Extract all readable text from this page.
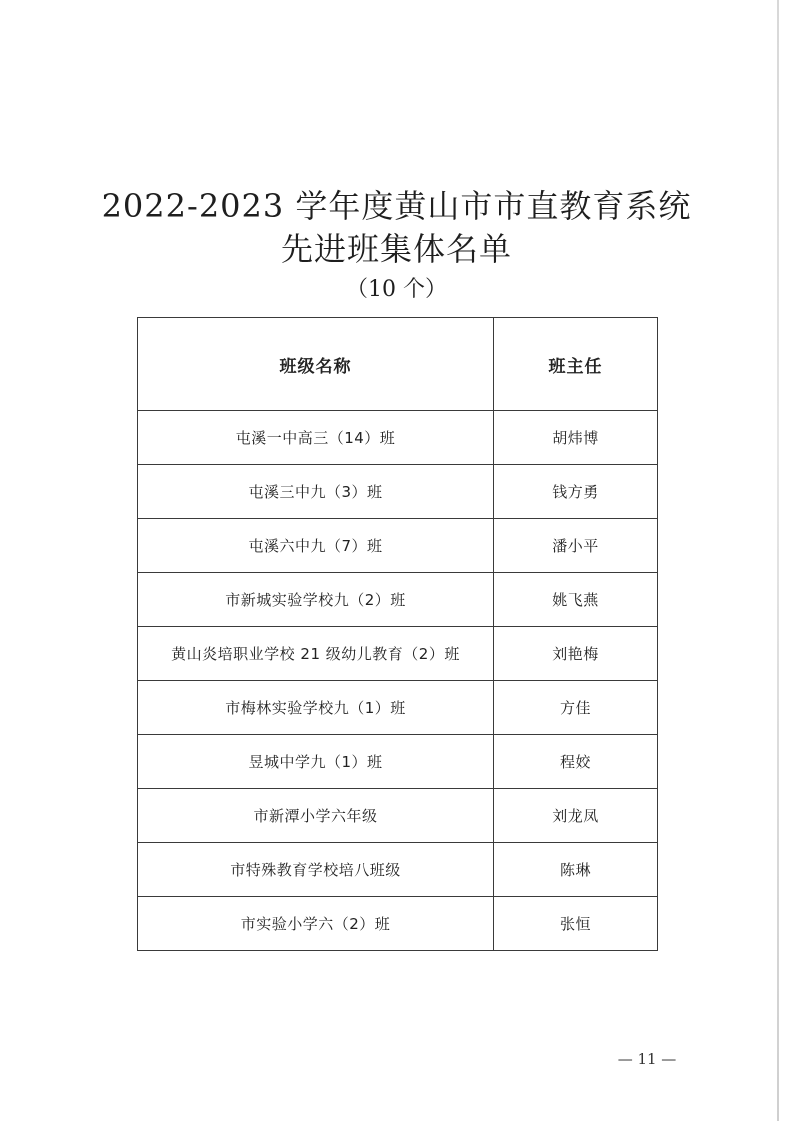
2022-2023 学年度黄山市市直教育系统
先进班集体名单
（10 个）
班级名称	班主任
屯溪一中高三（14）班	胡炜博
屯溪三中九（3）班	钱方勇
屯溪六中九（7）班	潘小平
市新城实验学校九（2）班	姚飞燕
黄山炎培职业学校 21 级幼儿教育（2）班	刘艳梅
市梅林实验学校九（1）班	方佳
昱城中学九（1）班	程姣
市新潭小学六年级	刘龙凤
市特殊教育学校培八班级	陈琳
市实验小学六（2）班	张恒
— 11 —
